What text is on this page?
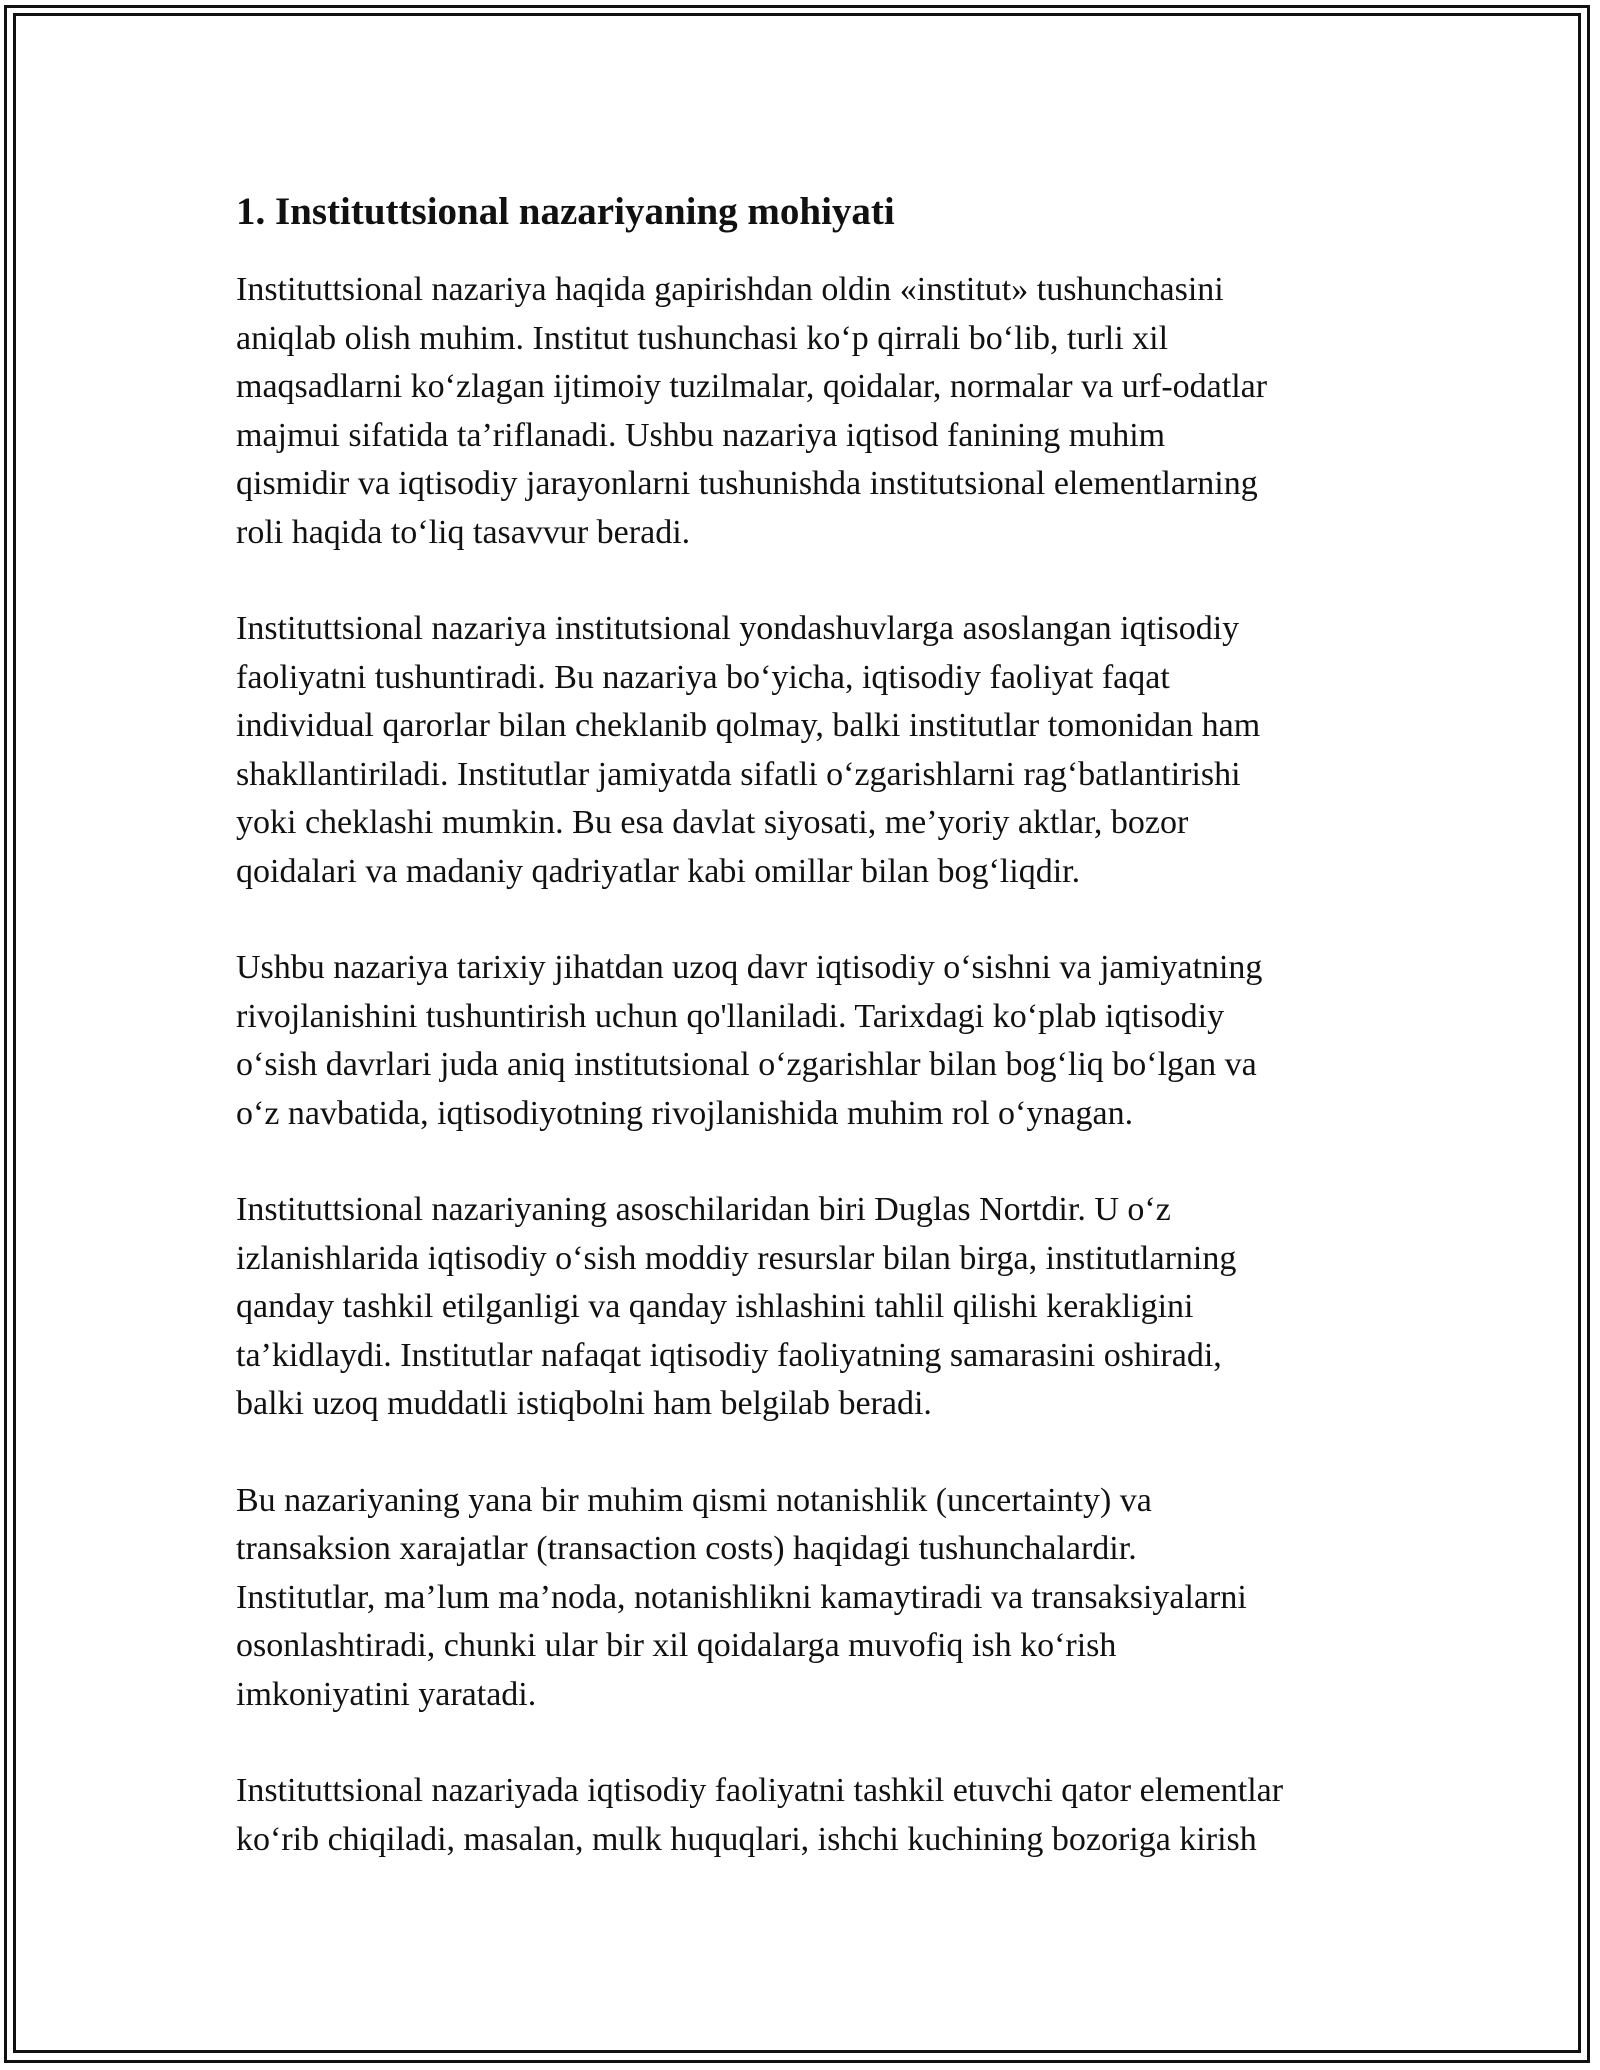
1. Instituttsional nazariyaning mohiyati

Instituttsional nazariya haqida gapirishdan oldin «institut» tushunchasini
aniqlab olish muhim. Institut tushunchasi ko‘p qirrali bo‘lib, turli xil
maqsadlarni ko‘zlagan ijtimoiy tuzilmalar, qoidalar, normalar va urf-odatlar
majmui sifatida ta’riflanadi. Ushbu nazariya iqtisod fanining muhim
qismidir va iqtisodiy jarayonlarni tushunishda institutsional elementlarning
roli haqida to‘liq tasavvur beradi.

Instituttsional nazariya institutsional yondashuvlarga asoslangan iqtisodiy
faoliyatni tushuntiradi. Bu nazariya bo‘yicha, iqtisodiy faoliyat faqat
individual qarorlar bilan cheklanib qolmay, balki institutlar tomonidan ham
shakllantiriladi. Institutlar jamiyatda sifatli o‘zgarishlarni rag‘batlantirishi
yoki cheklashi mumkin. Bu esa davlat siyosati, me’yoriy aktlar, bozor
qoidalari va madaniy qadriyatlar kabi omillar bilan bog‘liqdir.

Ushbu nazariya tarixiy jihatdan uzoq davr iqtisodiy o‘sishni va jamiyatning
rivojlanishini tushuntirish uchun qo'llaniladi. Tarixdagi ko‘plab iqtisodiy
o‘sish davrlari juda aniq institutsional o‘zgarishlar bilan bog‘liq bo‘lgan va
o‘z navbatida, iqtisodiyotning rivojlanishida muhim rol o‘ynagan.

Instituttsional nazariyaning asoschilaridan biri Duglas Nortdir. U o‘z
izlanishlarida iqtisodiy o‘sish moddiy resurslar bilan birga, institutlarning
qanday tashkil etilganligi va qanday ishlashini tahlil qilishi kerakligini
ta’kidlaydi. Institutlar nafaqat iqtisodiy faoliyatning samarasini oshiradi,
balki uzoq muddatli istiqbolni ham belgilab beradi.

Bu nazariyaning yana bir muhim qismi notanishlik (uncertainty) va
transaksion xarajatlar (transaction costs) haqidagi tushunchalardir.
Institutlar, ma’lum ma’noda, notanishlikni kamaytiradi va transaksiyalarni
osonlashtiradi, chunki ular bir xil qoidalarga muvofiq ish ko‘rish
imkoniyatini yaratadi.

Instituttsional nazariyada iqtisodiy faoliyatni tashkil etuvchi qator elementlar
ko‘rib chiqiladi, masalan, mulk huquqlari, ishchi kuchining bozoriga kirish
